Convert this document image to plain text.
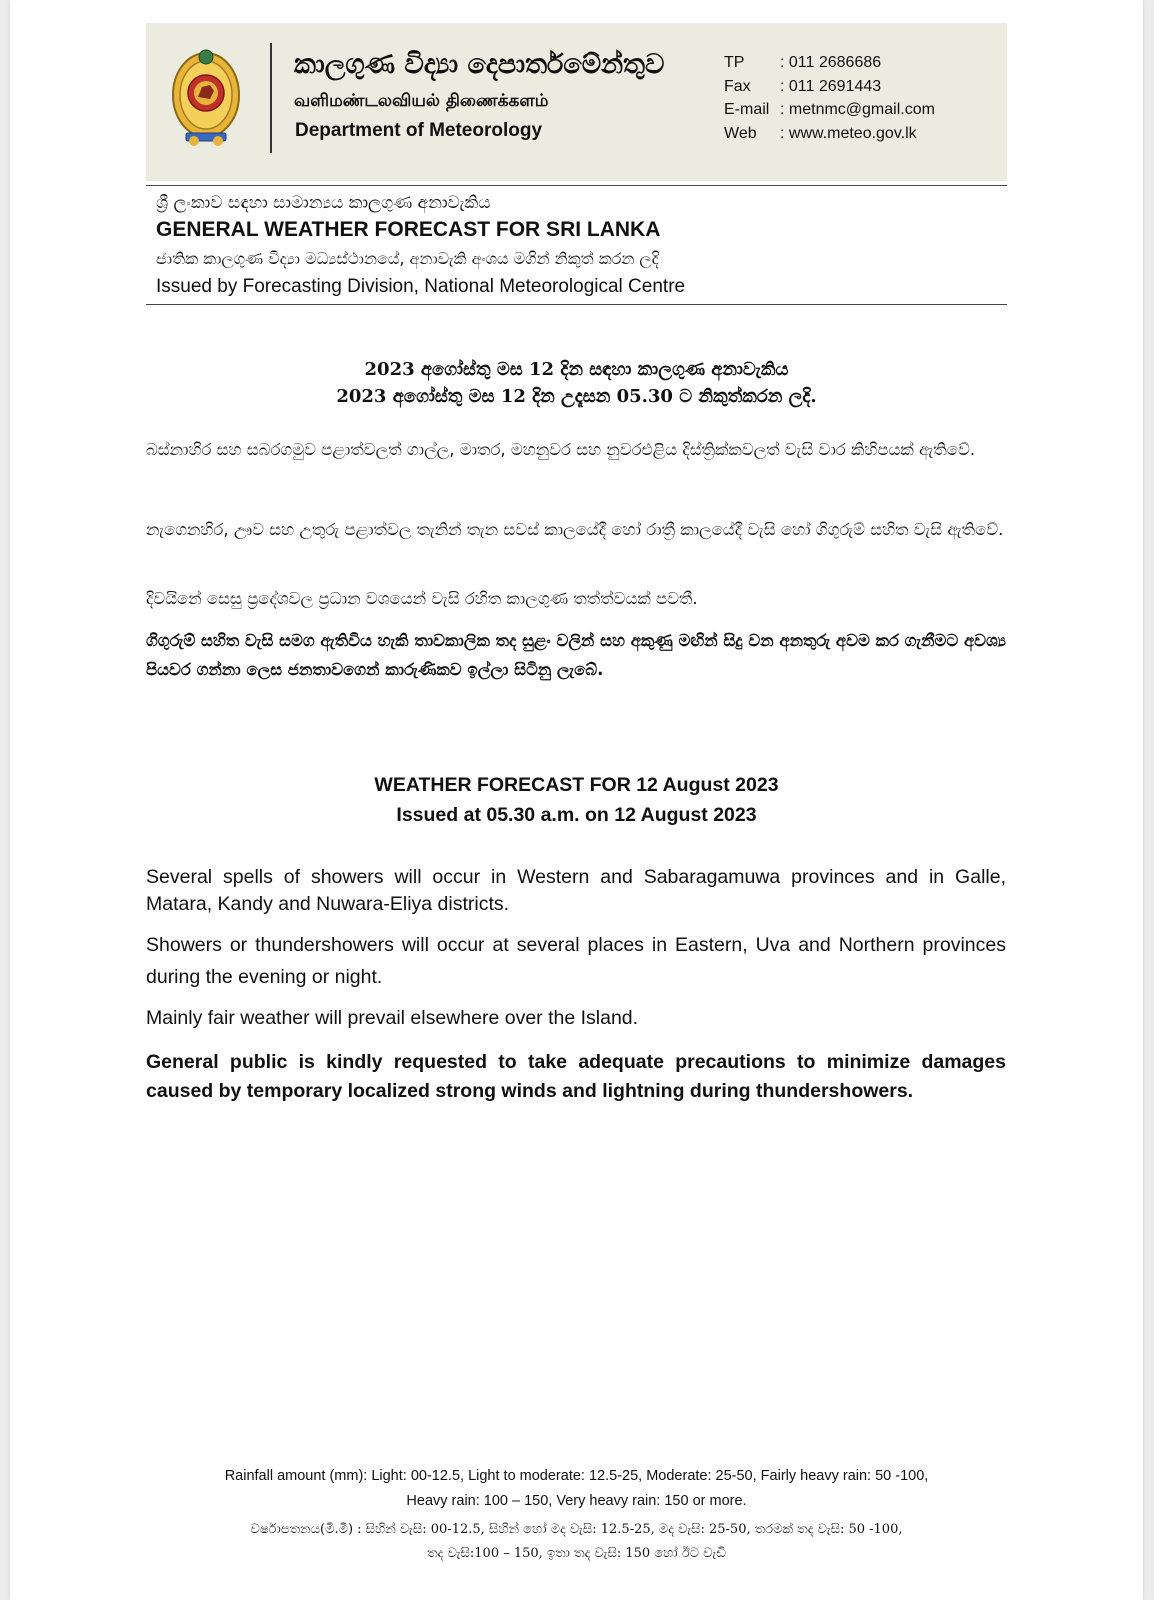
කාලගුණ විද්‍යා දෙපාර්තමේන්තුව
வளிமண்டலவியல் திணைக்களம்
Department of Meteorology
TP	: 011 2686686
Fax	: 011 2691443
E-mail : metnmc@gmail.com
Web	: www.meteo.gov.lk
ශ්‍රී ලංකාව සඳහා සාමාන්‍යය කාලගුණ අනාවැකිය
GENERAL WEATHER FORECAST FOR SRI LANKA
ජාතික කාලගුණ විද්‍යා මධ්‍යස්ථානයේ, අනාවැකි අංශය මගින් නිකුත් කරන ලදි
Issued by Forecasting Division, National Meteorological Centre
2023 අගෝස්තු මස 12 දින සඳහා කාලගුණ අනාවැකිය
2023 අගෝස්තු මස 12 දින උදෑසන 05.30 ට නිකුත්කරන ලදි.
බස්නාහිර සහ සබරගමුව පළාත්වලත් ගාල්ල, මාතර, මහනුවර සහ නුවරඑළිය දිස්ත්‍රික්කවලත් වැසි වාර කිහිපයක් ඇතිවේ.
නැගෙනහිර, ඌව සහ උතුරු පළාත්වල තැනින් තැන සවස් කාලයේදී හෝ රාත්‍රී කාලයේදී වැසි හෝ ගිගුරුම් සහිත වැසි ඇතිවේ.
දිවයිනේ සෙසු ප්‍රදේශවල ප්‍රධාන වශයෙන් වැසි රහිත කාලගුණ තත්ත්වයක් පවතී.
ගිගුරුම් සහිත වැසි සමග ඇතිවිය හැකි තාවකාලික තද සුළං වලින් සහ අකුණු මඟින් සිදු වන අනතුරු අවම කර ගැනීමට අවශ්‍ය පියවර ගන්නා ලෙස ජනතාවගෙන් කාරුණිකව ඉල්ලා සිටිනු ලැබේ.
WEATHER FORECAST FOR 12 August 2023
Issued at 05.30 a.m. on 12 August 2023
Several spells of showers will occur in Western and Sabaragamuwa provinces and in Galle, Matara, Kandy and Nuwara-Eliya districts.
Showers or thundershowers will occur at several places in Eastern, Uva and Northern provinces during the evening or night.
Mainly fair weather will prevail elsewhere over the Island.
General public is kindly requested to take adequate precautions to minimize damages caused by temporary localized strong winds and lightning during thundershowers.
Rainfall amount (mm): Light: 00-12.5, Light to moderate: 12.5-25, Moderate: 25-50, Fairly heavy rain: 50 -100,
Heavy rain: 100 – 150, Very heavy rain: 150 or more.
වර්ෂාපතනය(මි.මී) : සිහින් වැසි: 00-12.5, සිහින් හෝ මද වැසි: 12.5-25, මද වැසි: 25-50, තරමක් තද වැසි: 50 -100,
තද වැසි:100 – 150, ඉතා තද වැසි: 150 හෝ ඊට වැඩි
